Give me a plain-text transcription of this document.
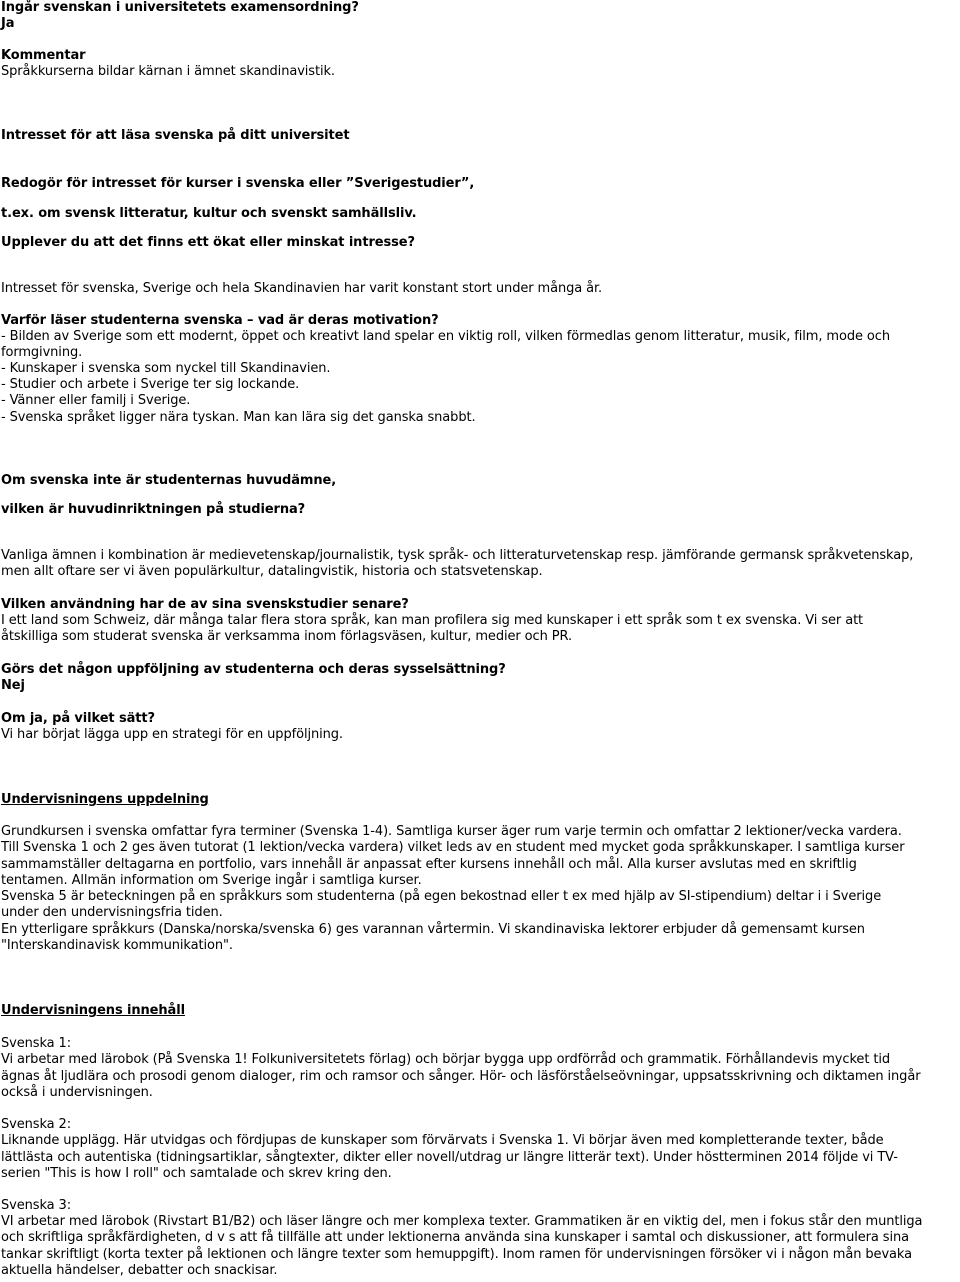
Ingår svenskan i universitetets examensordning?
Ja
Kommentar
Språkkurserna bildar kärnan i ämnet skandinavistik.
Intresset för att läsa svenska på ditt universitet
Redogör för intresset för kurser i svenska eller ”Sverigestudier”,
t.ex. om svensk litteratur, kultur och svenskt samhällsliv.
Upplever du att det finns ett ökat eller minskat intresse?
Intresset för svenska, Sverige och hela Skandinavien har varit konstant stort under många år.
Varför läser studenterna svenska – vad är deras motivation?
- Bilden av Sverige som ett modernt, öppet och kreativt land spelar en viktig roll, vilken förmedlas genom litteratur, musik, film, mode och
formgivning.
- Kunskaper i svenska som nyckel till Skandinavien.
- Studier och arbete i Sverige ter sig lockande.
- Vänner eller familj i Sverige.
- Svenska språket ligger nära tyskan. Man kan lära sig det ganska snabbt.
Om svenska inte är studenternas huvudämne,
vilken är huvudinriktningen på studierna?
Vanliga ämnen i kombination är medievetenskap/journalistik, tysk språk- och litteraturvetenskap resp. jämförande germansk språkvetenskap,
men allt oftare ser vi även populärkultur, datalingvistik, historia och statsvetenskap.
Vilken användning har de av sina svenskstudier senare?
I ett land som Schweiz, där många talar flera stora språk, kan man profilera sig med kunskaper i ett språk som t ex svenska. Vi ser att
åtskilliga som studerat svenska är verksamma inom förlagsväsen, kultur, medier och PR.
Görs det någon uppföljning av studenterna och deras sysselsättning?
Nej
Om ja, på vilket sätt?
Vi har börjat lägga upp en strategi för en uppföljning.
Undervisningens uppdelning
Grundkursen i svenska omfattar fyra terminer (Svenska 1-4). Samtliga kurser äger rum varje termin och omfattar 2 lektioner/vecka vardera.
Till Svenska 1 och 2 ges även tutorat (1 lektion/vecka vardera) vilket leds av en student med mycket goda språkkunskaper. I samtliga kurser
sammamställer deltagarna en portfolio, vars innehåll är anpassat efter kursens innehåll och mål. Alla kurser avslutas med en skriftlig
tentamen. Allmän information om Sverige ingår i samtliga kurser.
Svenska 5 är beteckningen på en språkkurs som studenterna (på egen bekostnad eller t ex med hjälp av SI-stipendium) deltar i i Sverige
under den undervisningsfria tiden.
En ytterligare språkkurs (Danska/norska/svenska 6) ges varannan vårtermin. Vi skandinaviska lektorer erbjuder då gemensamt kursen
"Interskandinavisk kommunikation".
Undervisningens innehåll
Svenska 1:
Vi arbetar med lärobok (På Svenska 1! Folkuniversitetets förlag) och börjar bygga upp ordförråd och grammatik. Förhållandevis mycket tid
ägnas åt ljudlära och prosodi genom dialoger, rim och ramsor och sånger. Hör- och läsförståelseövningar, uppsatsskrivning och diktamen ingår
också i undervisningen.
Svenska 2:
Liknande upplägg. Här utvidgas och fördjupas de kunskaper som förvärvats i Svenska 1. Vi börjar även med kompletterande texter, både
lättlästa och autentiska (tidningsartiklar, sångtexter, dikter eller novell/utdrag ur längre litterär text). Under höstterminen 2014 följde vi TV-
serien "This is how I roll" och samtalade och skrev kring den.
Svenska 3:
VI arbetar med lärobok (Rivstart B1/B2) och läser längre och mer komplexa texter. Grammatiken är en viktig del, men i fokus står den muntliga
och skriftliga språkfärdigheten, d v s att få tillfälle att under lektionerna använda sina kunskaper i samtal och diskussioner, att formulera sina
tankar skriftligt (korta texter på lektionen och längre texter som hemuppgift). Inom ramen för undervisningen försöker vi i någon mån bevaka
aktuella händelser, debatter och snackisar.
